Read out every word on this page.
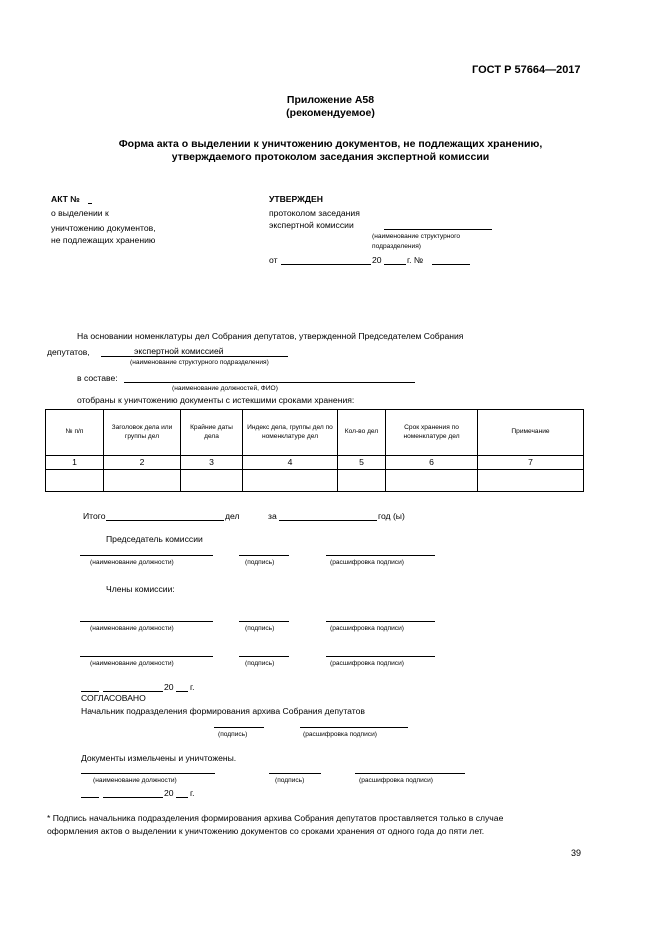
ГОСТ Р 57664—2017
Приложение А58
(рекомендуемое)
Форма акта о выделении к уничтожению документов, не подлежащих хранению,
утверждаемого протоколом заседания экспертной комиссии
АКТ №
о выделении к
уничтожению документов,
не подлежащих хранению
УТВЕРЖДЕН
протоколом заседания
экспертной комиссии
(наименование структурного
подразделения)
от	20	г. №
На основании номенклатуры дел Собрания депутатов, утвержденной Председателем Собрания
депутатов,	экспертной комиссией
(наименование структурного подразделения)
в составе:
(наименование должностей, ФИО)
отобраны к уничтожению документы с истекшими сроками хранения:
№ п/п	Заголовок дела или группы дел	Крайние даты дела	Индекс дела, группы дел по номенклатуре дел	Кол-во дел	Срок хранения по номенклатуре дел	Примечание
1	2	3	4	5	6	7

Итого	дел	за	год (ы)
Председатель комиссии
(наименование должности)	(подпись)	(расшифровка подписи)
Члены комиссии:
(наименование должности)	(подпись)	(расшифровка подписи)
(наименование должности)	(подпись)	(расшифровка подписи)
20 г.
СОГЛАСОВАНО
Начальник подразделения формирования архива Собрания депутатов
(подпись)	(расшифровка подписи)
Документы измельчены и уничтожены.
(наименование должности)	(подпись)	(расшифровка подписи)
20 г.
* Подпись начальника подразделения формирования архива Собрания депутатов проставляется только в случае
оформления актов о выделении к уничтожению документов со сроками хранения от одного года до пяти лет.
39
